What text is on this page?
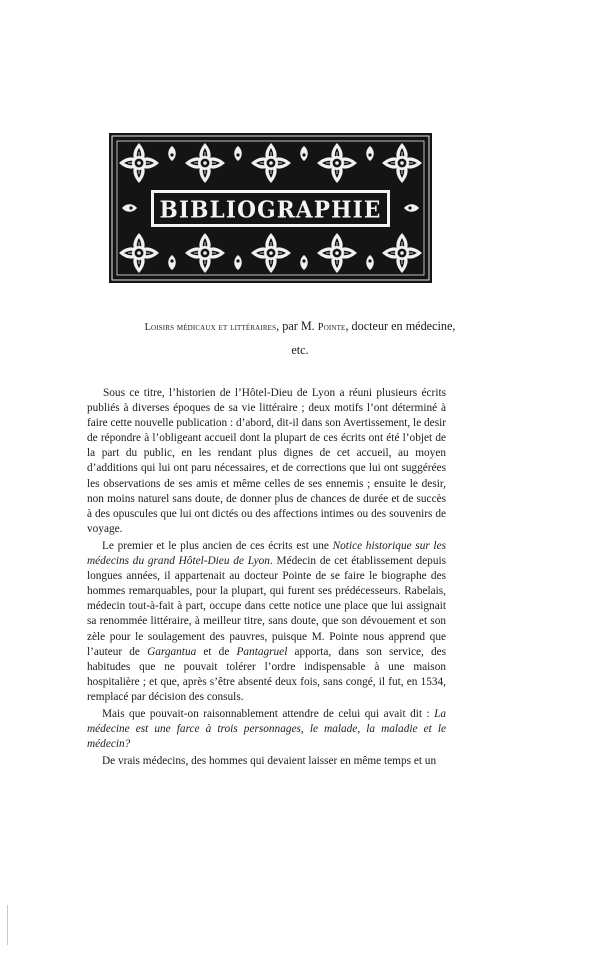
BIBLIOGRAPHIE
Loisirs médicaux et littéraires, par M. Pointe, docteur en médecine,
etc.

Sous ce titre, l’historien de l’Hôtel-Dieu de Lyon a réuni plusieurs écrits publiés à diverses époques de sa vie littéraire ; deux motifs l’ont déterminé à faire cette nouvelle publication : d’abord, dit-il dans son Avertissement, le desir de répondre à l’obligeant accueil dont la plupart de ces écrits ont été l’objet de la part du public, en les rendant plus dignes de cet accueil, au moyen d’additions qui lui ont paru nécessaires, et de corrections que lui ont suggérées les observations de ses amis et même celles de ses ennemis ; ensuite le desir, non moins naturel sans doute, de donner plus de chances de durée et de succès à des opuscules que lui ont dictés ou des affections intimes ou des souvenirs de voyage.

Le premier et le plus ancien de ces écrits est une Notice historique sur les médecins du grand Hôtel-Dieu de Lyon. Médecin de cet établissement depuis longues années, il appartenait au docteur Pointe de se faire le biographe des hommes remarquables, pour la plupart, qui furent ses prédécesseurs. Rabelais, médecin tout-à-fait à part, occupe dans cette notice une place que lui assignait sa renommée littéraire, à meilleur titre, sans doute, que son dévouement et son zèle pour le soulagement des pauvres, puisque M. Pointe nous apprend que l’auteur de Gargantua et de Pantagruel apporta, dans son service, des habitudes que ne pouvait tolérer l’ordre indispensable à une maison hospitalière ; et que, après s’être absenté deux fois, sans congé, il fut, en 1534, remplacé par décision des consuls.

Mais que pouvait-on raisonnablement attendre de celui qui avait dit : La médecine est une farce à trois personnages, le malade, la maladie et le médecin?

De vrais médecins, des hommes qui devaient laisser en même temps et un
